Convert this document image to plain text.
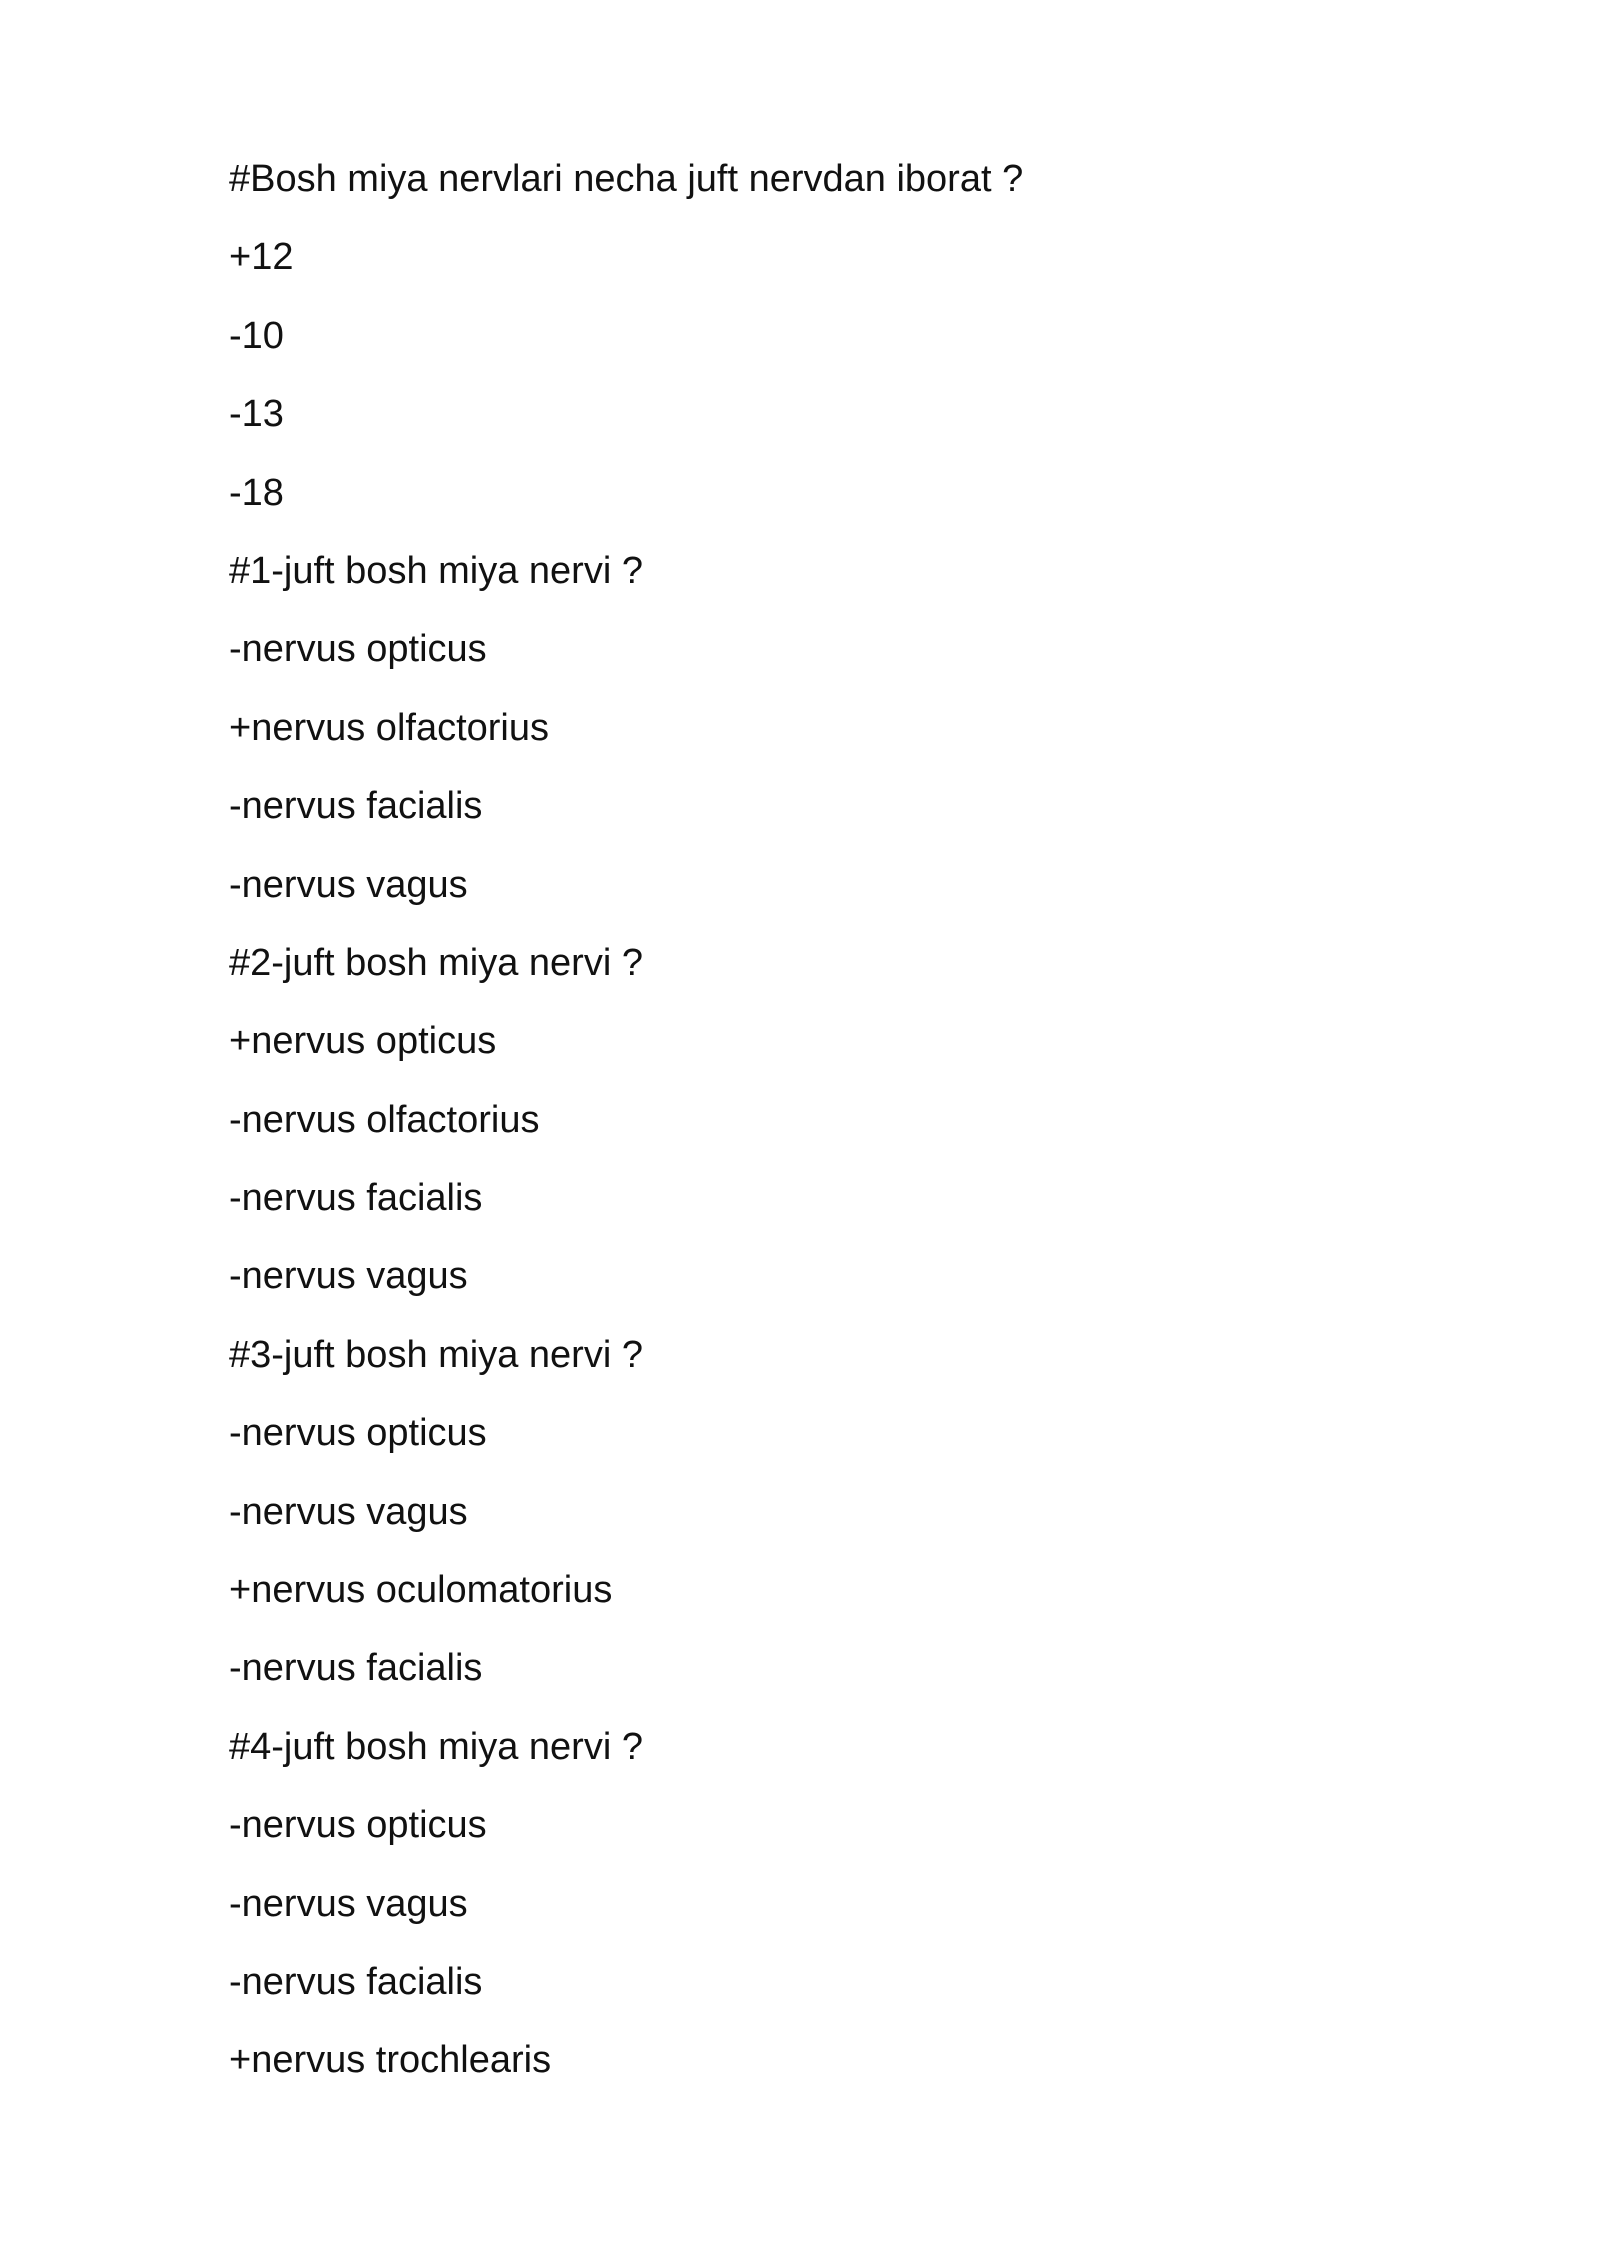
#Bosh miya nervlari necha juft nervdan iborat ?

+12

-10

-13

-18

#1-juft bosh miya nervi ?

-nervus opticus

+nervus olfactorius

-nervus facialis

-nervus vagus

#2-juft bosh miya nervi ?

+nervus opticus

-nervus olfactorius

-nervus facialis

-nervus vagus

#3-juft bosh miya nervi ?

-nervus opticus

-nervus vagus

+nervus oculomatorius

-nervus facialis

#4-juft bosh miya nervi ?

-nervus opticus

-nervus vagus

-nervus facialis

+nervus trochlearis
